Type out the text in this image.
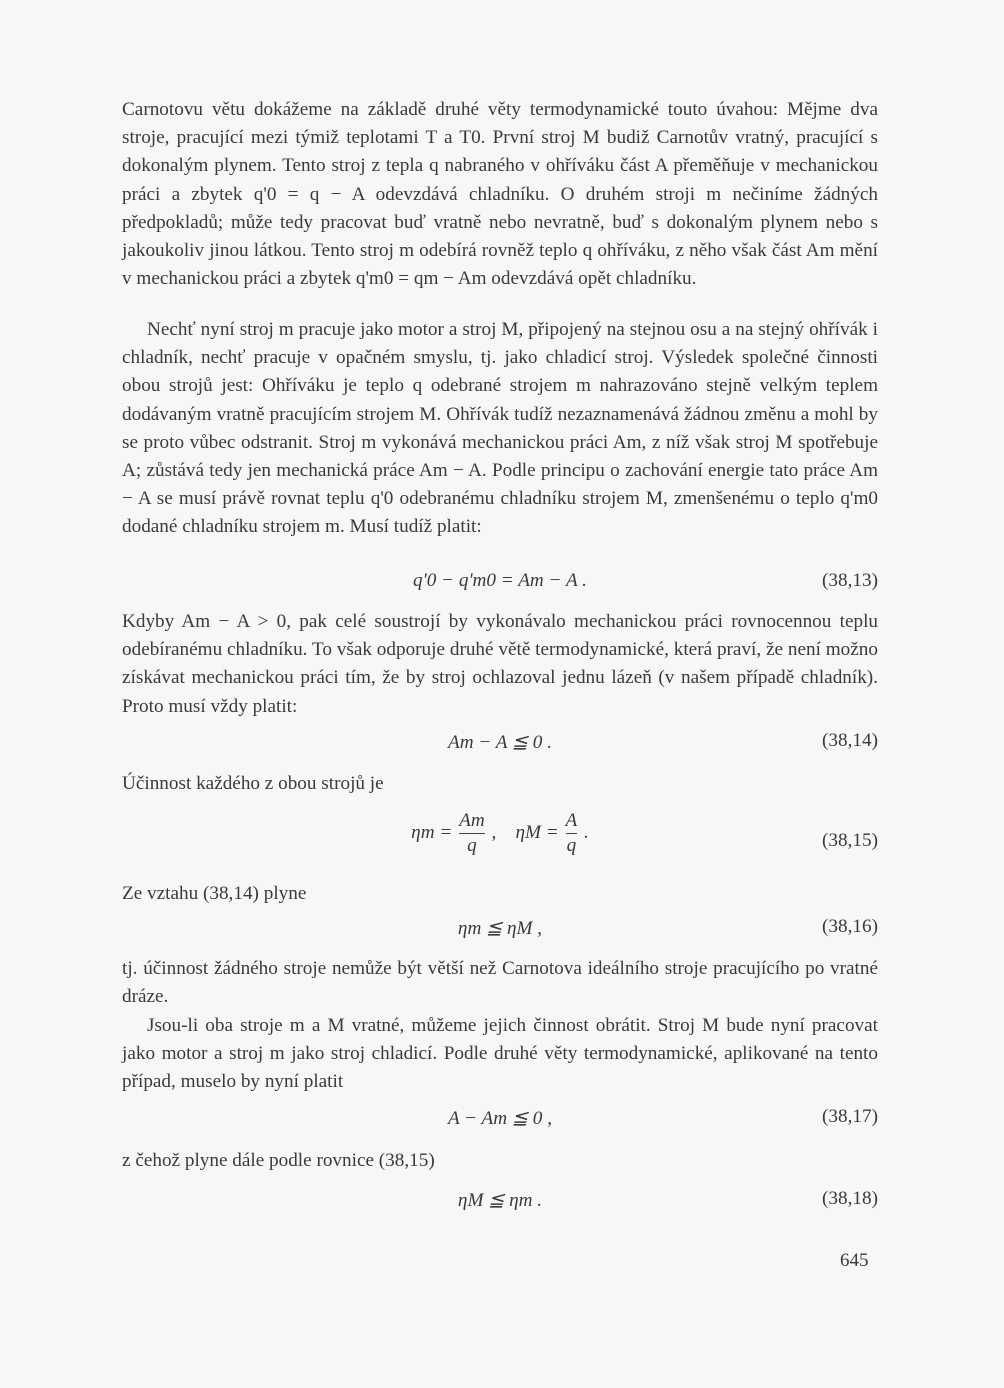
Carnotovu větu dokážeme na základě druhé věty termodynamické touto úvahou: Mějme dva stroje, pracující mezi týmiž teplotami T a T0. První stroj M budiž Carnotův vratný, pracující s dokonalým plynem. Tento stroj z tepla q nabraného v ohříváku část A přeměňuje v mechanickou práci a zbytek q'0 = q − A odevzdává chladníku. O druhém stroji m nečiníme žádných předpokladů; může tedy pracovat buď vratně nebo nevratně, buď s dokonalým plynem nebo s jakoukoliv jinou látkou. Tento stroj m odebírá rovněž teplo q ohříváku, z něho však část Am mění v mechanickou práci a zbytek q'm0 = qm − Am odevzdává opět chladníku.

Nechť nyní stroj m pracuje jako motor a stroj M, připojený na stejnou osu a na stejný ohřívák i chladník, nechť pracuje v opačném smyslu, tj. jako chladicí stroj. Výsledek společné činnosti obou strojů jest: Ohříváku je teplo q odebrané strojem m nahrazováno stejně velkým teplem dodávaným vratně pracujícím strojem M. Ohřívák tudíž nezaznamenává žádnou změnu a mohl by se proto vůbec odstranit. Stroj m vykonává mechanickou práci Am, z níž však stroj M spotřebuje A; zůstává tedy jen mechanická práce Am − A. Podle principu o zachování energie tato práce Am − A se musí právě rovnat teplu q'0 odebranému chladníku strojem M, zmenšenému o teplo q'm0 dodané chladníku strojem m. Musí tudíž platit:

q'0 − q'm0 = Am − A .	(38,13)

Kdyby Am − A > 0, pak celé soustrojí by vykonávalo mechanickou práci rovnocennou teplu odebíranému chladníku. To však odporuje druhé větě termodynamické, která praví, že není možno získávat mechanickou práci tím, že by stroj ochlazoval jednu lázeň (v našem případě chladník). Proto musí vždy platit:

Am − A ≦ 0 .	(38,14)

Účinnost každého z obou strojů je

$\eta m = \frac{Am}{q}$ , $\eta M = \frac{A}{q}$ .	(38,15)

Ze vztahu (38,14) plyne

ηm ≦ ηM ,	(38,16)

tj. účinnost žádného stroje nemůže být větší než Carnotova ideálního stroje pracujícího po vratné dráze.

Jsou-li oba stroje m a M vratné, můžeme jejich činnost obrátit. Stroj M bude nyní pracovat jako motor a stroj m jako stroj chladicí. Podle druhé věty termodynamické, aplikované na tento případ, muselo by nyní platit

A − Am ≦ 0 ,	(38,17)

z čehož plyne dále podle rovnice (38,15)

ηM ≦ ηm .	(38,18)
645
